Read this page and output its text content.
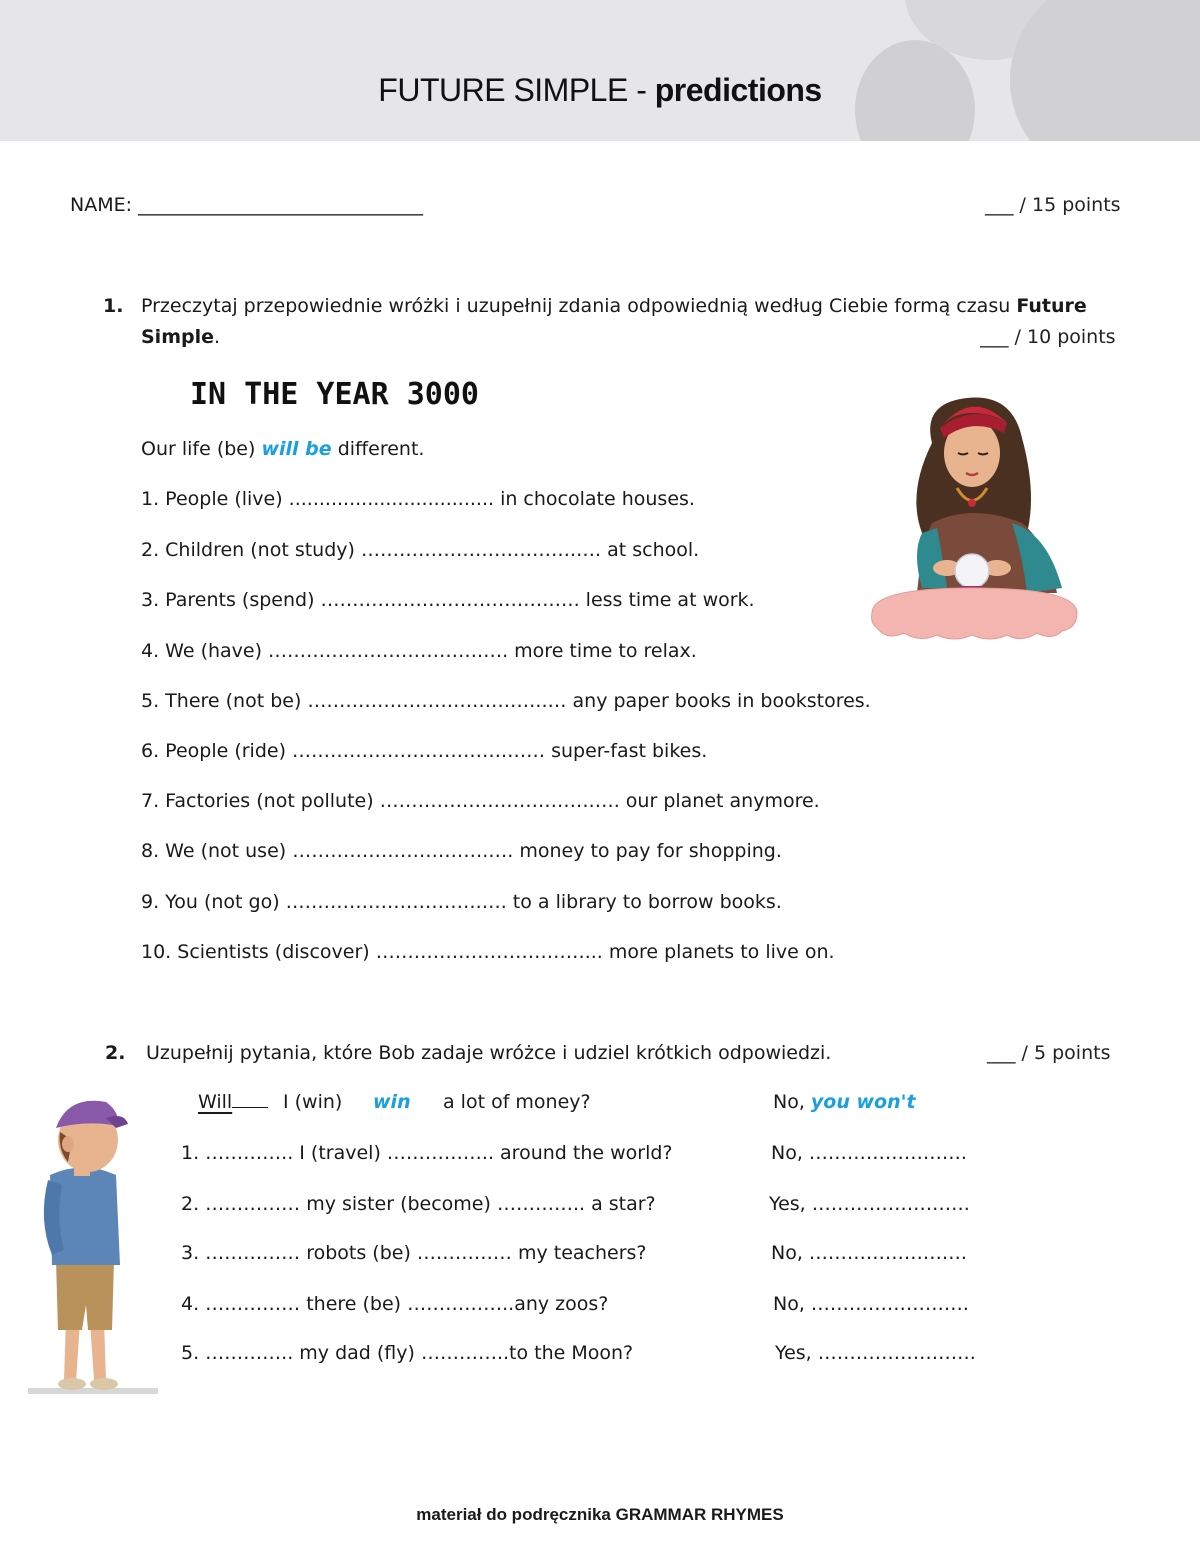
FUTURE SIMPLE - predictions
NAME: ______________________________	___ / 15 points
1. Przeczytaj przepowiednie wróżki i uzupełnij zdania odpowiednią według Ciebie formą czasu Future
Simple.	___ / 10 points
IN THE YEAR 3000
Our life (be) will be different.
1. People (live) .................................. in chocolate houses.
2. Children (not study) …………………………….…. at school.
3. Parents (spend) ……………………………….…. less time at work.
4. We (have) …………………………….…. more time to relax.
5. There (not be) ………………………………..… any paper books in bookstores.
6. People (ride) …………………………….…… super-fast bikes.
7. Factories (not pollute) …………………………….…. our planet anymore.
8. We (not use) ………………………….…. money to pay for shopping.
9. You (not go) ………………………….…. to a library to borrow books.
10. Scientists (discover) ……………………………... more planets to live on.
2. Uzupełnij pytania, które Bob zadaje wróżce i udziel krótkich odpowiedzi.	___ / 5 points
Will	I (win) win a lot of money?	No, you won't
1. ………….. I (travel) …………….. around the world?	No, …………………….
2. …………… my sister (become) ………….. a star?	Yes, …………………….
3. …………… robots (be) …………… my teachers?	No, …………………….
4. …………… there (be) ……………..any zoos?	No, …………………….
5. ………….. my dad (fly) …………..to the Moon?	Yes, …………………….
materiał do podręcznika GRAMMAR RHYMES
